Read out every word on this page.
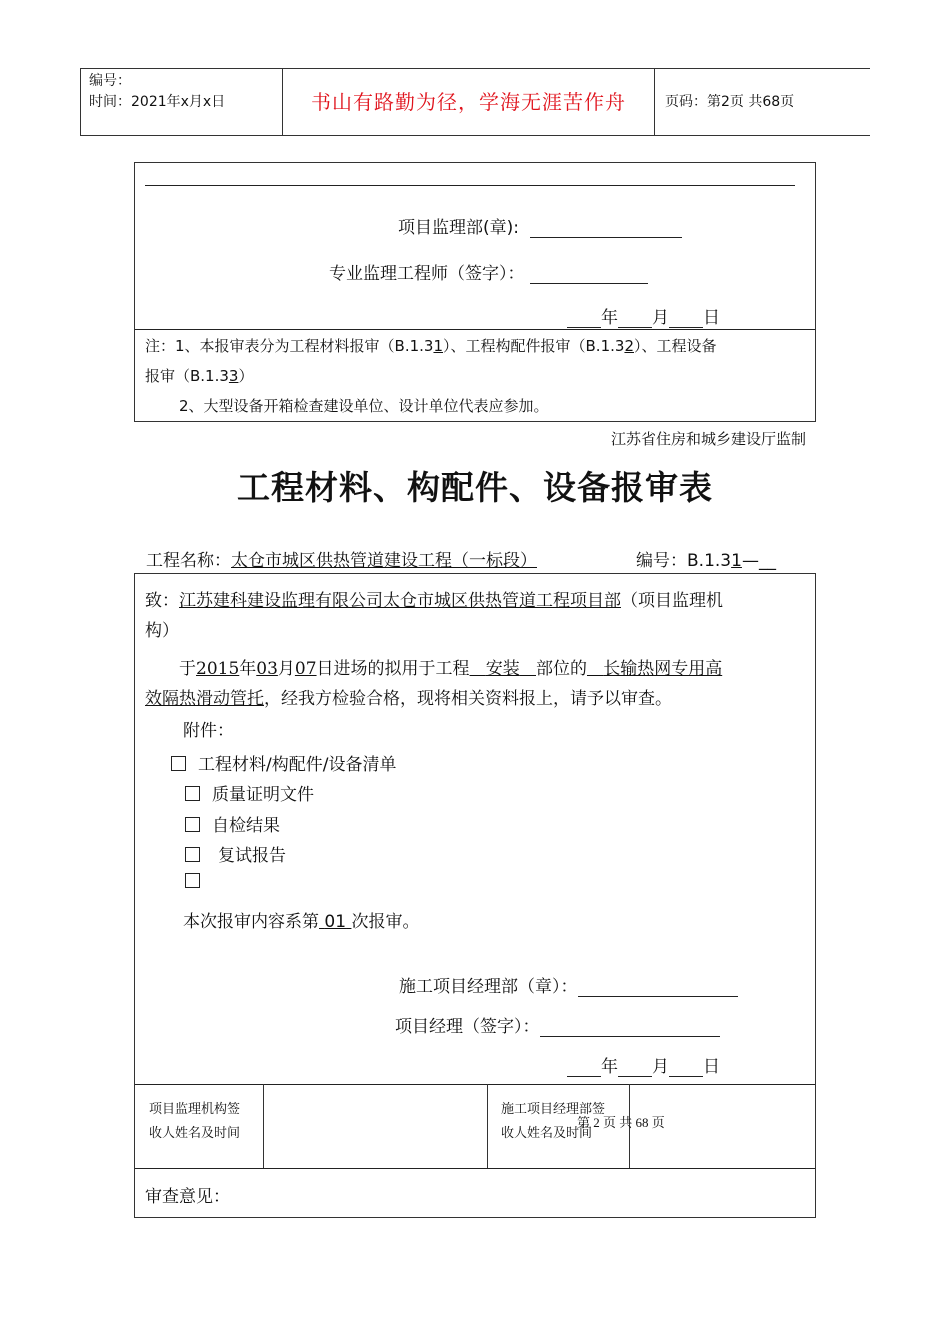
编号：
时间：2021年x月x日	书山有路勤为径，学海无涯苦作舟	页码：第2页 共68页
项目监理部(章):
专业监理工程师（签字）：
年 月 日
注：1、本报审表分为工程材料报审（B.1.31）、工程构配件报审（B.1.32）、工程设备
报审（B.1.33）
2、大型设备开箱检查建设单位、设计单位代表应参加。
江苏省住房和城乡建设厅监制
工程材料、构配件、设备报审表
工程名称：太仓市城区供热管道建设工程（一标段）	编号：B.1.31—__
致：江苏建科建设监理有限公司太仓市城区供热管道工程项目部（项目监理机
构）
于2015年03月07日进场的拟用于工程 安装 部位的 长输热网专用高
效隔热滑动管托，经我方检验合格，现将相关资料报上，请予以审查。
附件：
工程材料/构配件/设备清单
质量证明文件
自检结果
复试报告
本次报审内容系第 01 次报审。
施工项目经理部（章）：
项目经理（签字）：
年 月 日
项目监理机构签
收人姓名及时间
施工项目经理部签
收人姓名及时间
第 2 页 共 68 页
审查意见：
